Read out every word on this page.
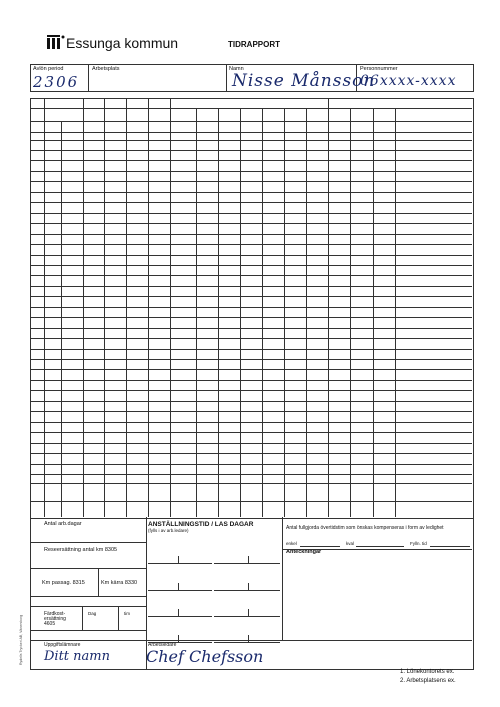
Essunga kommun	TIDRAPPORT
Avlön period
2306
Arbetsplats	Namn
Nisse Månsson
Personnummer
06xxxx-xxxx
Antal arb.dagar	ANSTÄLLNINGSTID / LAS DAGAR
(fylls i av arb.ledare)	Antal fullgjorda övertidstim som önskas kompenseras i form av ledighet
enkel	kval	Fylln. tid
Anteckningar
Reseersättning antal km 8305
Km passag. 8315	Km kärra 8330
Färdkost-ersättning 4605
Dag	tim
Uppgiftslämnare
Ditt namn
Arbetsledare
Chef Chefsson
Rydells Tryckeri AB, Vänersborg
1. Lönekontorets ex.
2. Arbetsplatsens ex.
